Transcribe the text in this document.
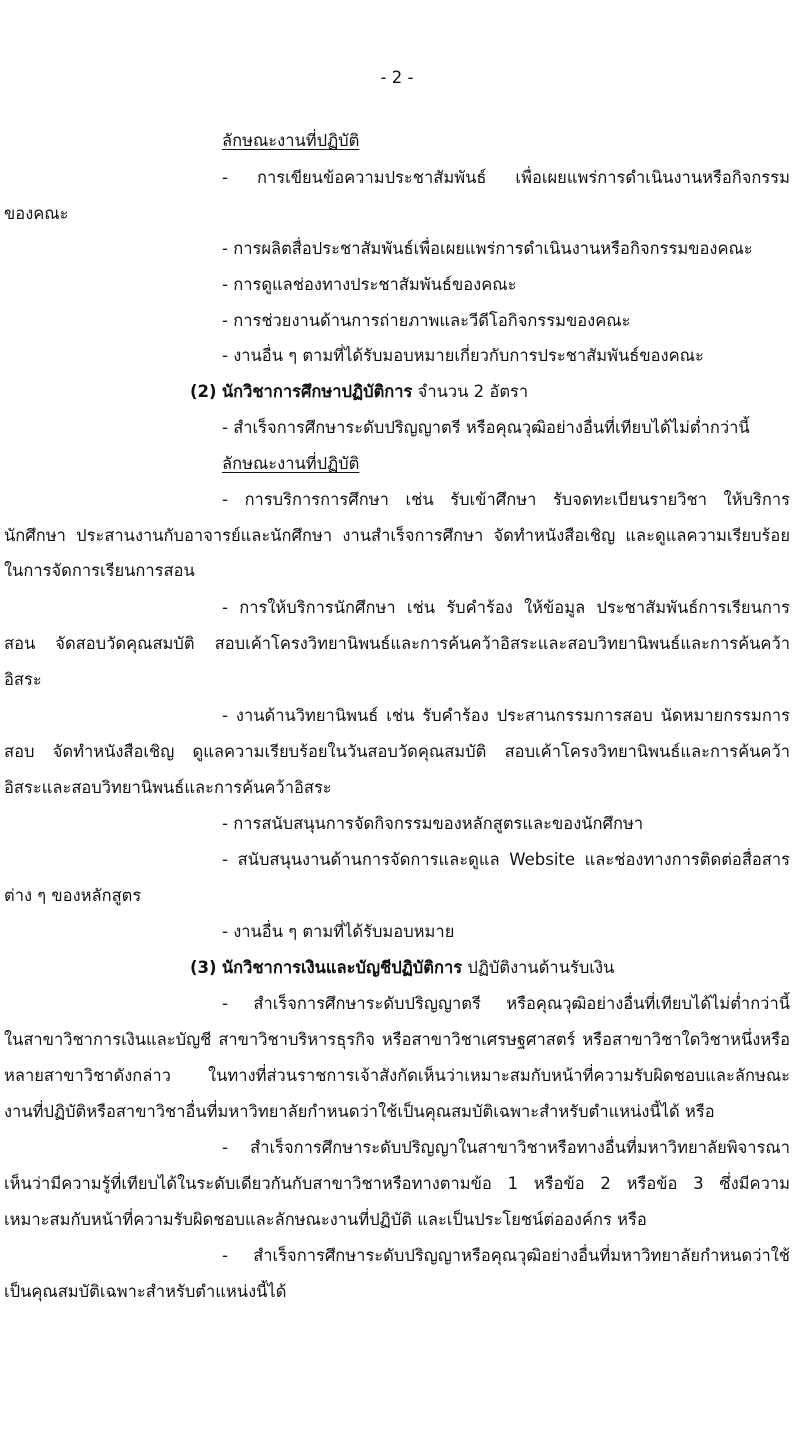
- 2 -
ลักษณะงานที่ปฏิบัติ
- การเขียนข้อความประชาสัมพันธ์ เพื่อเผยแพร่การดำเนินงานหรือกิจกรรม
ของคณะ
- การผลิตสื่อประชาสัมพันธ์เพื่อเผยแพร่การดำเนินงานหรือกิจกรรมของคณะ
- การดูแลช่องทางประชาสัมพันธ์ของคณะ
- การช่วยงานด้านการถ่ายภาพและวีดีโอกิจกรรมของคณะ
- งานอื่น ๆ ตามที่ได้รับมอบหมายเกี่ยวกับการประชาสัมพันธ์ของคณะ
(2) นักวิชาการศึกษาปฏิบัติการ จำนวน 2 อัตรา
- สำเร็จการศึกษาระดับปริญญาตรี หรือคุณวุฒิอย่างอื่นที่เทียบได้ไม่ต่ำกว่านี้
ลักษณะงานที่ปฏิบัติ
- การบริการการศึกษา เช่น รับเข้าศึกษา รับจดทะเบียนรายวิชา ให้บริการ
นักศึกษา ประสานงานกับอาจารย์และนักศึกษา งานสำเร็จการศึกษา จัดทำหนังสือเชิญ และดูแลความเรียบร้อย
ในการจัดการเรียนการสอน
- การให้บริการนักศึกษา เช่น รับคำร้อง ให้ข้อมูล ประชาสัมพันธ์การเรียนการ
สอน จัดสอบวัดคุณสมบัติ สอบเค้าโครงวิทยานิพนธ์และการค้นคว้าอิสระและสอบวิทยานิพนธ์และการค้นคว้า
อิสระ
- งานด้านวิทยานิพนธ์ เช่น รับคำร้อง ประสานกรรมการสอบ นัดหมายกรรมการ
สอบ จัดทำหนังสือเชิญ ดูแลความเรียบร้อยในวันสอบวัดคุณสมบัติ สอบเค้าโครงวิทยานิพนธ์และการค้นคว้า
อิสระและสอบวิทยานิพนธ์และการค้นคว้าอิสระ
- การสนับสนุนการจัดกิจกรรมของหลักสูตรและของนักศึกษา
- สนับสนุนงานด้านการจัดการและดูแล Website และช่องทางการติดต่อสื่อสาร
ต่าง ๆ ของหลักสูตร
- งานอื่น ๆ ตามที่ได้รับมอบหมาย
(3) นักวิชาการเงินและบัญชีปฏิบัติการ ปฏิบัติงานด้านรับเงิน
- สำเร็จการศึกษาระดับปริญญาตรี หรือคุณวุฒิอย่างอื่นที่เทียบได้ไม่ต่ำกว่านี้
ในสาขาวิชาการเงินและบัญชี สาขาวิชาบริหารธุรกิจ หรือสาขาวิชาเศรษฐศาสตร์ หรือสาขาวิชาใดวิชาหนึ่งหรือ
หลายสาขาวิชาดังกล่าว ในทางที่ส่วนราชการเจ้าสังกัดเห็นว่าเหมาะสมกับหน้าที่ความรับผิดชอบและลักษณะ
งานที่ปฏิบัติหรือสาขาวิชาอื่นที่มหาวิทยาลัยกำหนดว่าใช้เป็นคุณสมบัติเฉพาะสำหรับตำแหน่งนี้ได้ หรือ
- สำเร็จการศึกษาระดับปริญญาในสาขาวิชาหรือทางอื่นที่มหาวิทยาลัยพิจารณา
เห็นว่ามีความรู้ที่เทียบได้ในระดับเดียวกันกับสาขาวิชาหรือทางตามข้อ 1 หรือข้อ 2 หรือข้อ 3 ซึ่งมีความ
เหมาะสมกับหน้าที่ความรับผิดชอบและลักษณะงานที่ปฏิบัติ และเป็นประโยชน์ต่อองค์กร หรือ
- สำเร็จการศึกษาระดับปริญญาหรือคุณวุฒิอย่างอื่นที่มหาวิทยาลัยกำหนดว่าใช้
เป็นคุณสมบัติเฉพาะสำหรับตำแหน่งนี้ได้
